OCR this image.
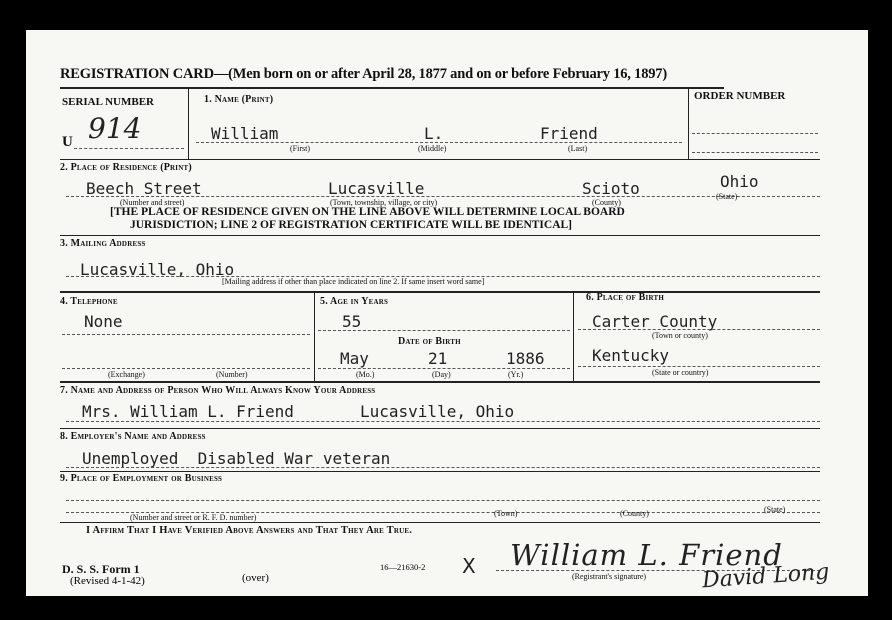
REGISTRATION CARD—(Men born on or after April 28, 1877 and on or before February 16, 1897)
ORDER NUMBER
SERIAL NUMBER
U 914
1. Name (Print)
William	L.	Friend
(First)	(Middle)	(Last)
2. Place of Residence (Print)
Beech Street	Lucasville	Scioto	Ohio
(Number and street)	(Town, township, village, or city)	(County)
(State)
[THE PLACE OF RESIDENCE GIVEN ON THE LINE ABOVE WILL DETERMINE LOCAL BOARD
JURISDICTION; LINE 2 OF REGISTRATION CERTIFICATE WILL BE IDENTICAL]
3. Mailing Address
Lucasville, Ohio
[Mailing address if other than place indicated on line 2. If same insert word same]
4. Telephone
None
(Exchange)	(Number)
5. Age in Years
55
Date of Birth
May	21	1886
(Mo.)	(Day)	(Yr.)
6. Place of Birth
Carter County
(Town or county)
Kentucky
(State or country)
7. Name and Address of Person Who Will Always Know Your Address
Mrs. William L. Friend	Lucasville, Ohio
8. Employer's Name and Address
Unemployed  Disabled War veteran
9. Place of Employment or Business
(Number and street or R. F. D. number)	(Town)	(County)	(State)
I Affirm That I Have Verified Above Answers and That They Are True.
D. S. S. Form 1
(Revised 4-1-42)	(over)
16—21630-2 X William L. Friend
(Registrant's signature)	David Long
